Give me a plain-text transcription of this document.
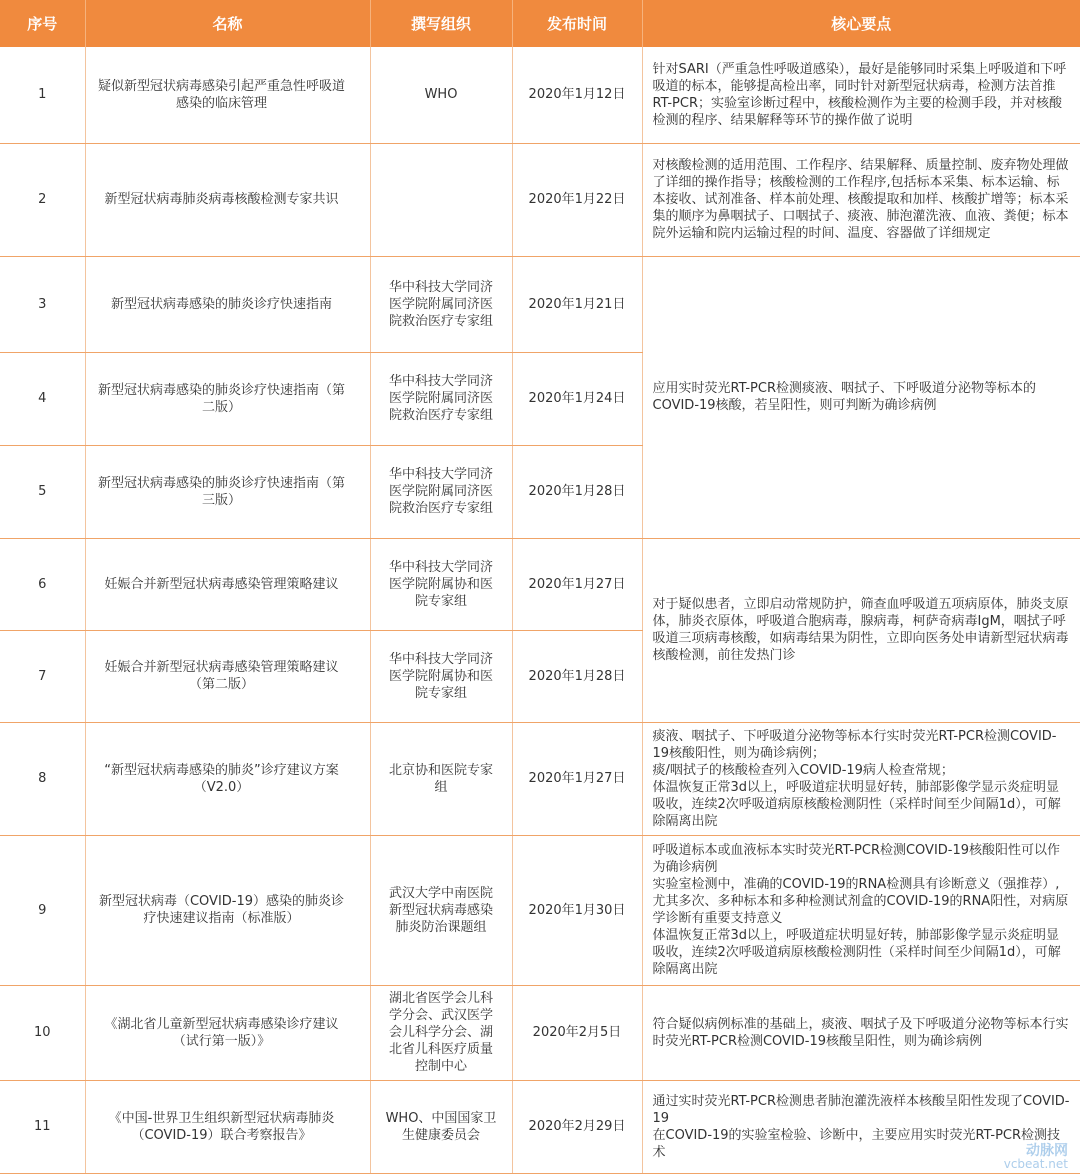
序号	名称	撰写组织	发布时间	核心要点
1	疑似新型冠状病毒感染引起严重急性呼吸道感染的临床管理	WHO	2020年1月12日	针对SARI（严重急性呼吸道感染），最好是能够同时采集上呼吸道和下呼吸道的标本，能够提高检出率，同时针对新型冠状病毒，检测方法首推RT-PCR；实验室诊断过程中，核酸检测作为主要的检测手段，并对核酸检测的程序、结果解释等环节的操作做了说明
2	新型冠状病毒肺炎病毒核酸检测专家共识		2020年1月22日	对核酸检测的适用范围、工作程序、结果解释、质量控制、废弃物处理做了详细的操作指导；核酸检测的工作程序,包括标本采集、标本运输、标本接收、试剂准备、样本前处理、核酸提取和加样、核酸扩增等；标本采集的顺序为鼻咽拭子、口咽拭子、痰液、肺泡灌洗液、血液、粪便；标本院外运输和院内运输过程的时间、温度、容器做了详细规定
3	新型冠状病毒感染的肺炎诊疗快速指南	华中科技大学同济医学院附属同济医院救治医疗专家组	2020年1月21日	应用实时荧光RT-PCR检测痰液、咽拭子、下呼吸道分泌物等标本的COVID-19核酸，若呈阳性，则可判断为确诊病例
4	新型冠状病毒感染的肺炎诊疗快速指南（第二版）	华中科技大学同济医学院附属同济医院救治医疗专家组	2020年1月24日	
5	新型冠状病毒感染的肺炎诊疗快速指南（第三版）	华中科技大学同济医学院附属同济医院救治医疗专家组	2020年1月28日	
6	妊娠合并新型冠状病毒感染管理策略建议	华中科技大学同济医学院附属协和医院专家组	2020年1月27日	对于疑似患者，立即启动常规防护，筛查血呼吸道五项病原体，肺炎支原体，肺炎衣原体，呼吸道合胞病毒，腺病毒，柯萨奇病毒IgM，咽拭子呼吸道三项病毒核酸，如病毒结果为阴性，立即向医务处申请新型冠状病毒核酸检测，前往发热门诊
7	妊娠合并新型冠状病毒感染管理策略建议（第二版）	华中科技大学同济医学院附属协和医院专家组	2020年1月28日	
8	“新型冠状病毒感染的肺炎”诊疗建议方案（V2.0）	北京协和医院专家组	2020年1月27日	痰液、咽拭子、下呼吸道分泌物等标本行实时荧光RT-PCR检测COVID-19核酸阳性，则为确诊病例；
痰/咽拭子的核酸检查列入COVID-19病人检查常规；
体温恢复正常3d以上，呼吸道症状明显好转，肺部影像学显示炎症明显吸收，连续2次呼吸道病原核酸检测阴性（采样时间至少间隔1d），可解除隔离出院
9	新型冠状病毒（COVID-19）感染的肺炎诊疗快速建议指南（标准版）	武汉大学中南医院新型冠状病毒感染肺炎防治课题组	2020年1月30日	呼吸道标本或血液标本实时荧光RT-PCR检测COVID-19核酸阳性可以作为确诊病例
实验室检测中，准确的COVID-19的RNA检测具有诊断意义（强推荐）,尤其多次、多种标本和多种检测试剂盒的COVID-19的RNA阳性，对病原学诊断有重要支持意义
体温恢复正常3d以上，呼吸道症状明显好转，肺部影像学显示炎症明显吸收，连续2次呼吸道病原核酸检测阴性（采样时间至少间隔1d），可解除隔离出院
10	《湖北省儿童新型冠状病毒感染诊疗建议（试行第一版）》	湖北省医学会儿科学分会、武汉医学会儿科学分会、湖北省儿科医疗质量控制中心	2020年2月5日	符合疑似病例标准的基础上，痰液、咽拭子及下呼吸道分泌物等标本行实时荧光RT-PCR检测COVID-19核酸呈阳性，则为确诊病例
11	《中国-世界卫生组织新型冠状病毒肺炎（COVID-19）联合考察报告》	WHO、中国国家卫生健康委员会	2020年2月29日	通过实时荧光RT-PCR检测患者肺泡灌洗液样本核酸呈阳性发现了COVID-19
在COVID-19的实验室检验、诊断中，主要应用实时荧光RT-PCR检测技术	动脉网
vcbeat.net
